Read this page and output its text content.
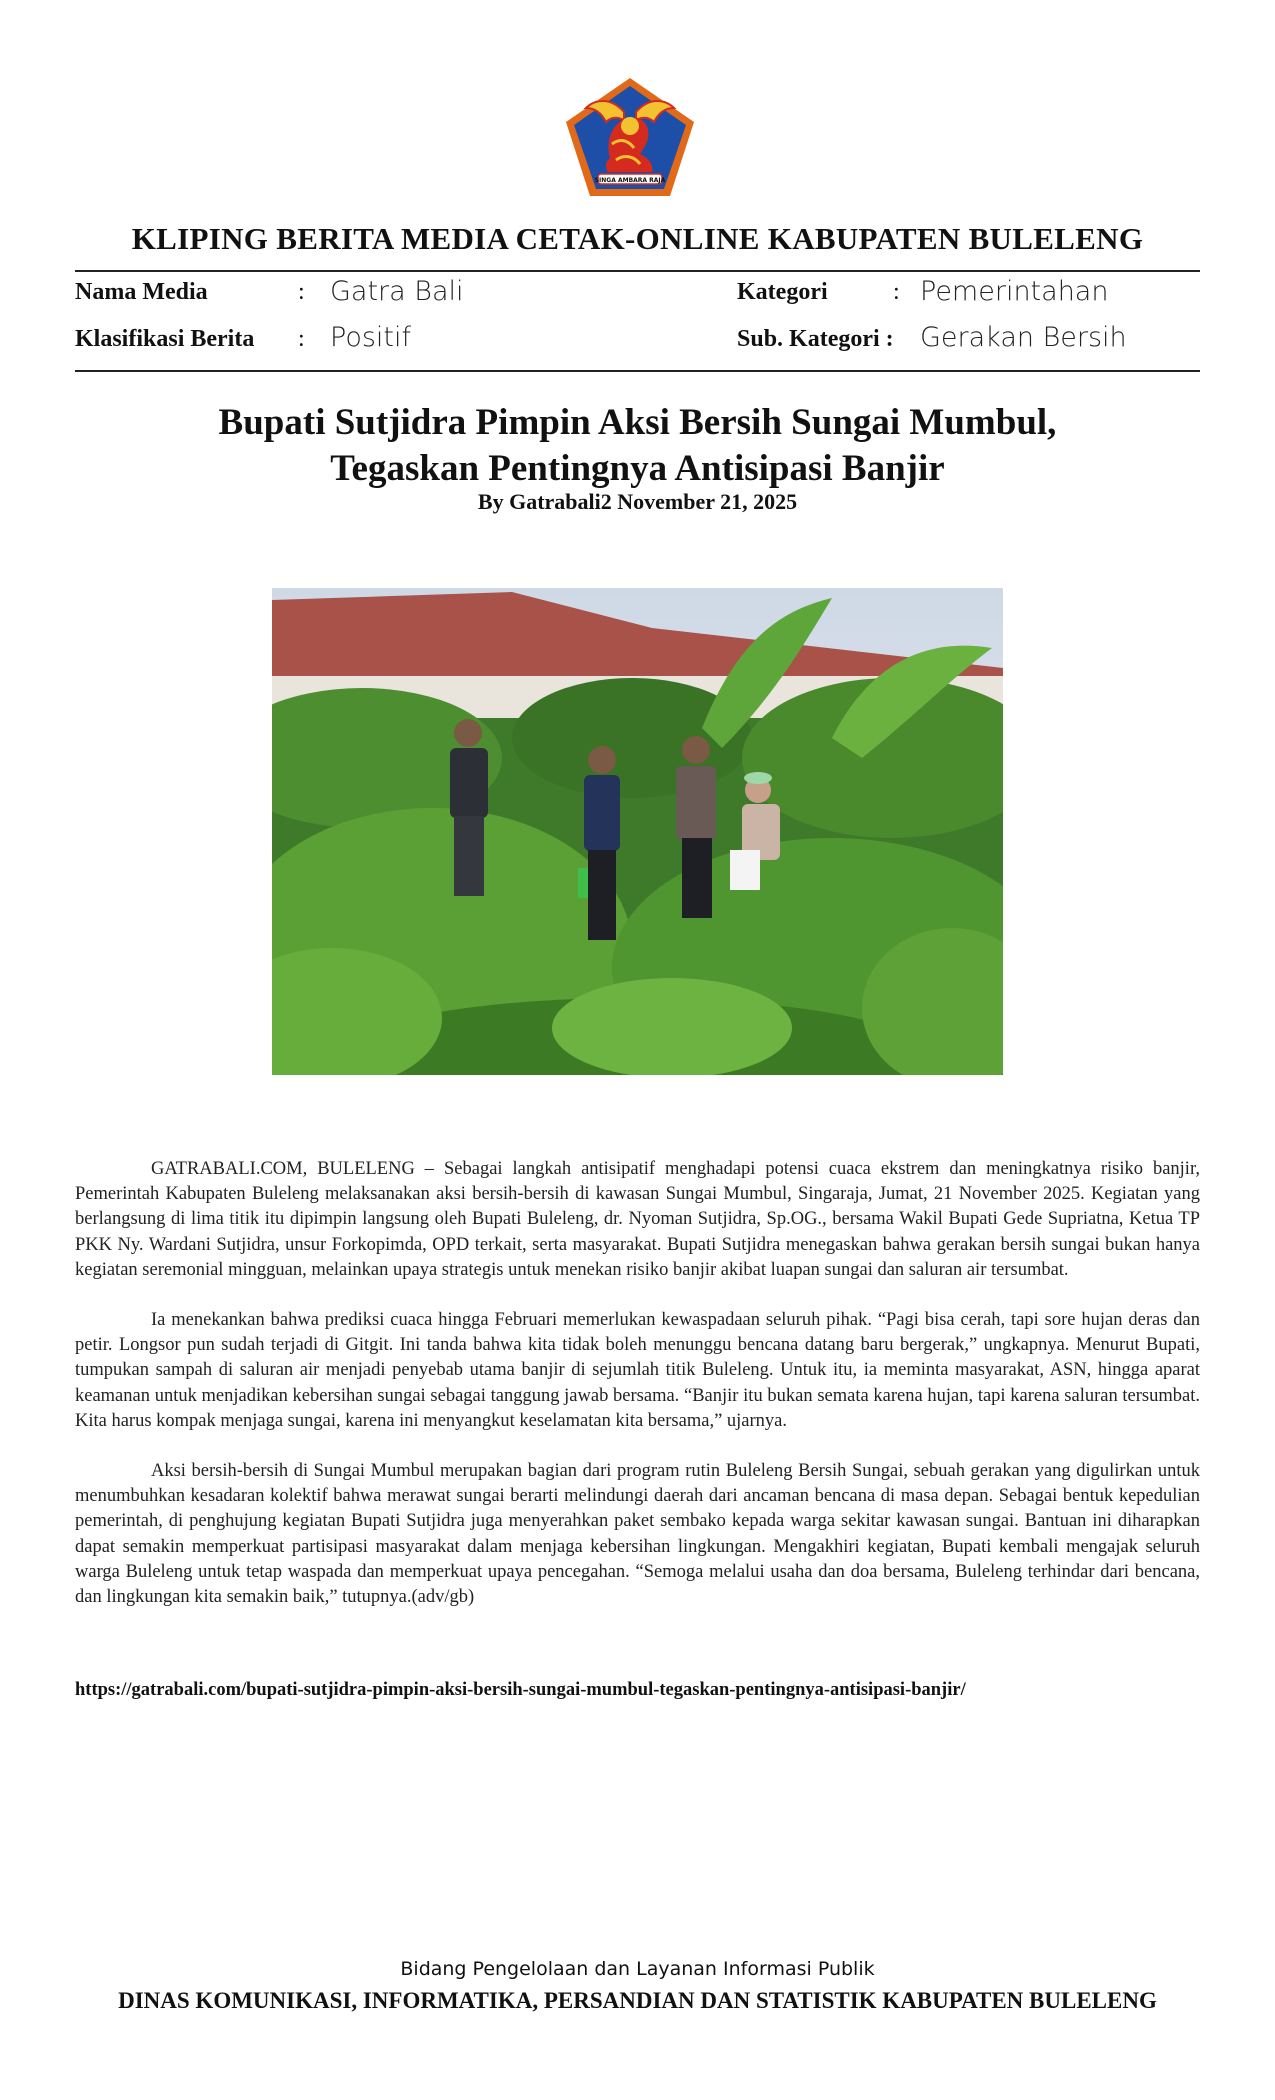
SINGA AMBARA RAJA
KLIPING BERITA MEDIA CETAK-ONLINE KABUPATEN BULELENG
Nama Media	: Gatra Bali	Kategori	: Pemerintahan
Klasifikasi Berita : Positif	Sub. Kategori : Gerakan Bersih
Bupati Sutjidra Pimpin Aksi Bersih Sungai Mumbul,
Tegaskan Pentingnya Antisipasi Banjir
By Gatrabali2 November 21, 2025

GATRABALI.COM, BULELENG – Sebagai langkah antisipatif menghadapi potensi cuaca ekstrem dan meningkatnya risiko banjir, Pemerintah Kabupaten Buleleng melaksanakan aksi bersih-bersih di kawasan Sungai Mumbul, Singaraja, Jumat, 21 November 2025. Kegiatan yang berlangsung di lima titik itu dipimpin langsung oleh Bupati Buleleng, dr. Nyoman Sutjidra, Sp.OG., bersama Wakil Bupati Gede Supriatna, Ketua TP PKK Ny. Wardani Sutjidra, unsur Forkopimda, OPD terkait, serta masyarakat. Bupati Sutjidra menegaskan bahwa gerakan bersih sungai bukan hanya kegiatan seremonial mingguan, melainkan upaya strategis untuk menekan risiko banjir akibat luapan sungai dan saluran air tersumbat.

Ia menekankan bahwa prediksi cuaca hingga Februari memerlukan kewaspadaan seluruh pihak. “Pagi bisa cerah, tapi sore hujan deras dan petir. Longsor pun sudah terjadi di Gitgit. Ini tanda bahwa kita tidak boleh menunggu bencana datang baru bergerak,” ungkapnya. Menurut Bupati, tumpukan sampah di saluran air menjadi penyebab utama banjir di sejumlah titik Buleleng. Untuk itu, ia meminta masyarakat, ASN, hingga aparat keamanan untuk menjadikan kebersihan sungai sebagai tanggung jawab bersama. “Banjir itu bukan semata karena hujan, tapi karena saluran tersumbat. Kita harus kompak menjaga sungai, karena ini menyangkut keselamatan kita bersama,” ujarnya.

Aksi bersih-bersih di Sungai Mumbul merupakan bagian dari program rutin Buleleng Bersih Sungai, sebuah gerakan yang digulirkan untuk menumbuhkan kesadaran kolektif bahwa merawat sungai berarti melindungi daerah dari ancaman bencana di masa depan. Sebagai bentuk kepedulian pemerintah, di penghujung kegiatan Bupati Sutjidra juga menyerahkan paket sembako kepada warga sekitar kawasan sungai. Bantuan ini diharapkan dapat semakin memperkuat partisipasi masyarakat dalam menjaga kebersihan lingkungan. Mengakhiri kegiatan, Bupati kembali mengajak seluruh warga Buleleng untuk tetap waspada dan memperkuat upaya pencegahan. “Semoga melalui usaha dan doa bersama, Buleleng terhindar dari bencana, dan lingkungan kita semakin baik,” tutupnya.(adv/gb)

https://gatrabali.com/bupati-sutjidra-pimpin-aksi-bersih-sungai-mumbul-tegaskan-pentingnya-antisipasi-banjir/
Bidang Pengelolaan dan Layanan Informasi Publik
DINAS KOMUNIKASI, INFORMATIKA, PERSANDIAN DAN STATISTIK KABUPATEN BULELENG
